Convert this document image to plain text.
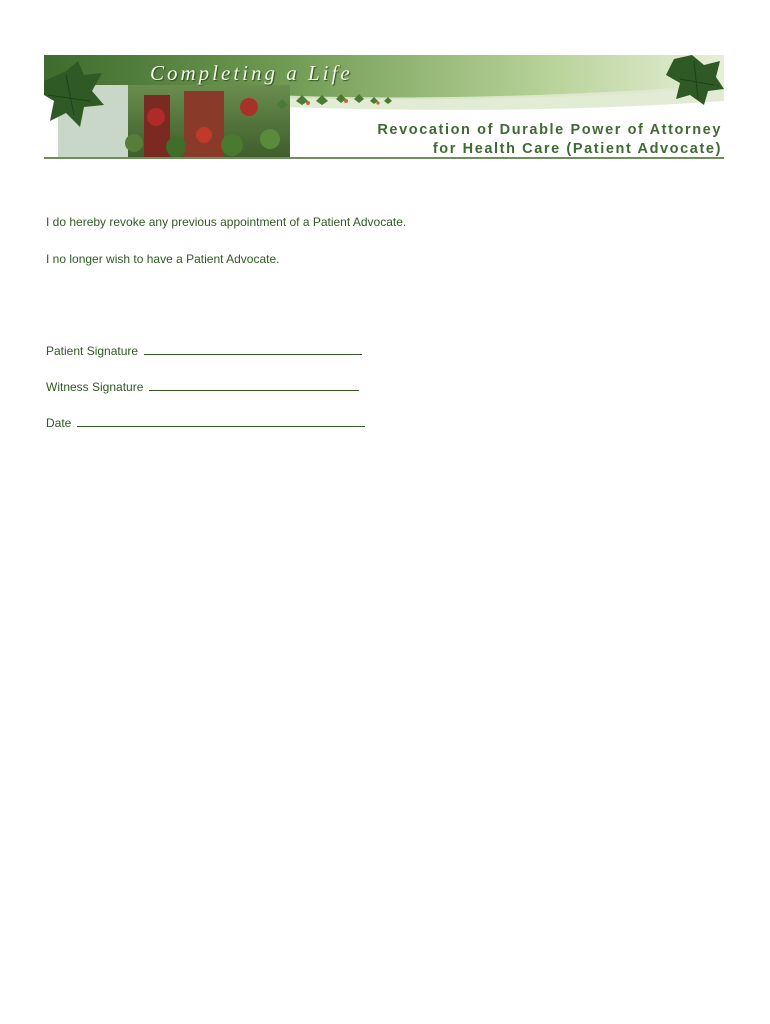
Completing a Life
Revocation of Durable Power of Attorney
for Health Care (Patient Advocate)
I do hereby revoke any previous appointment of a Patient Advocate.
I no longer wish to have a Patient Advocate.
Patient Signature
Witness Signature
Date
